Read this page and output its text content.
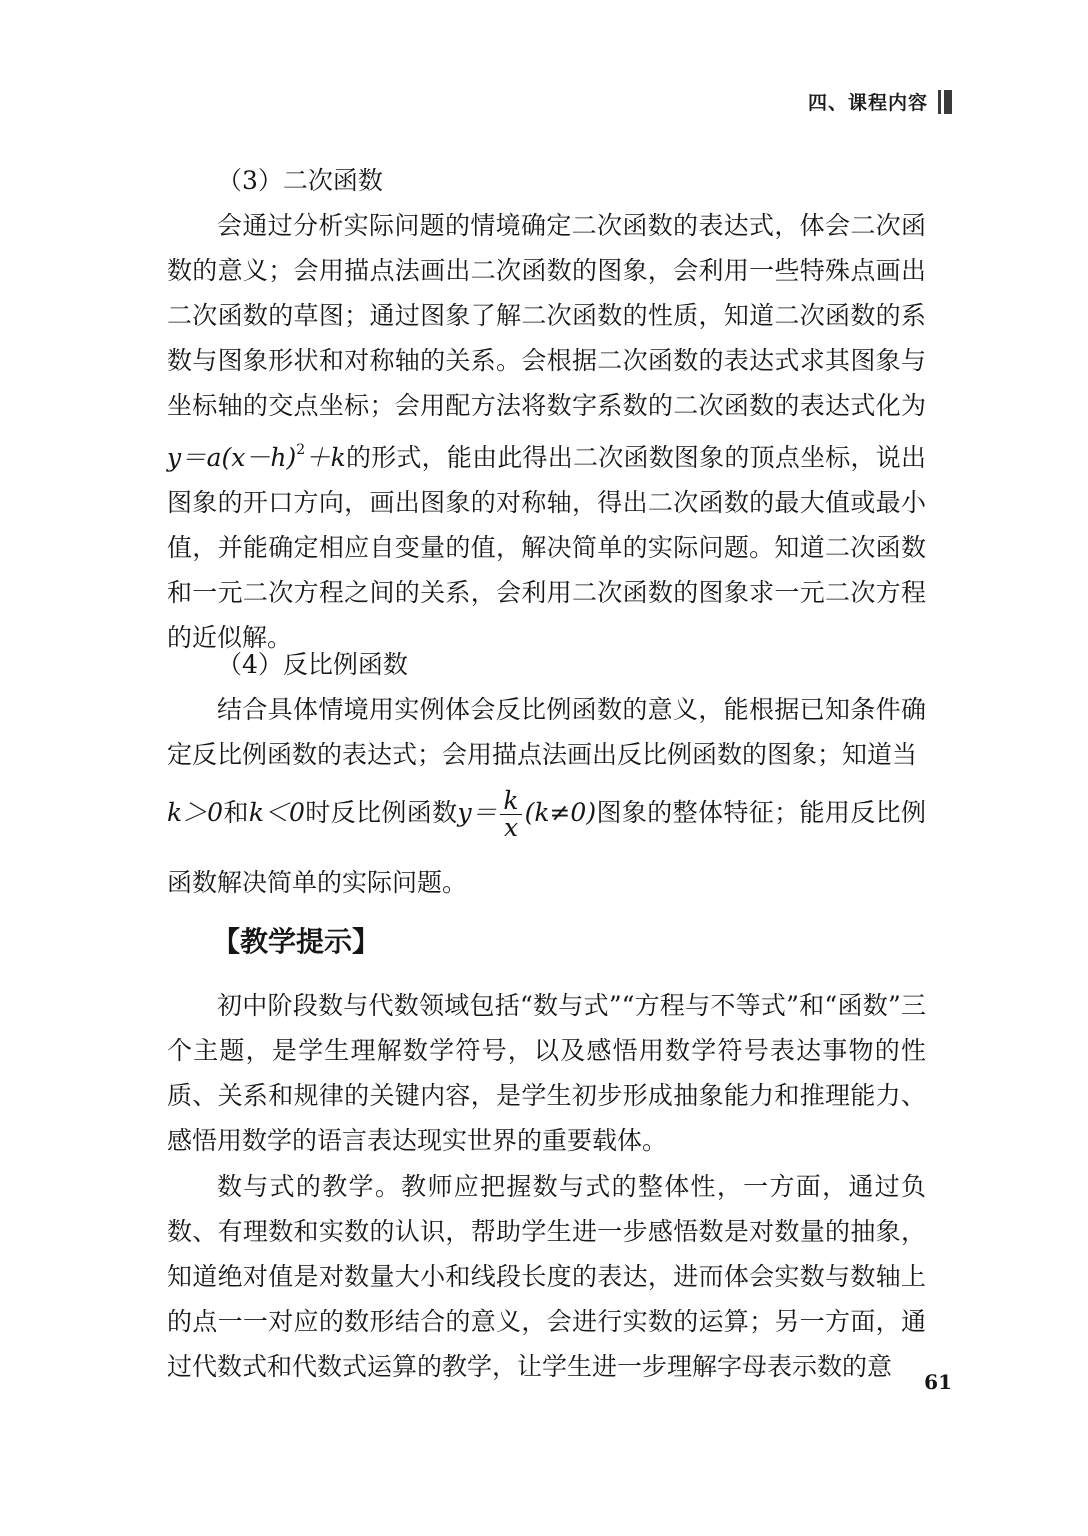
四、课程内容

（3）二次函数

会通过分析实际问题的情境确定二次函数的表达式，体会二次函数的意义；会用描点法画出二次函数的图象，会利用一些特殊点画出二次函数的草图；通过图象了解二次函数的性质，知道二次函数的系数与图象形状和对称轴的关系。会根据二次函数的表达式求其图象与坐标轴的交点坐标；会用配方法将数字系数的二次函数的表达式化为$y=a(x-h)^2+k$的形式，能由此得出二次函数图象的顶点坐标，说出图象的开口方向，画出图象的对称轴，得出二次函数的最大值或最小值，并能确定相应自变量的值，解决简单的实际问题。知道二次函数和一元二次方程之间的关系，会利用二次函数的图象求一元二次方程的近似解。

（4）反比例函数

结合具体情境用实例体会反比例函数的意义，能根据已知条件确定反比例函数的表达式；会用描点法画出反比例函数的图象；知道当

k＞0和k＜0时反比例函数$y= \frac{k}{x} (k\ne 0)$图象的整体特征；能用反比例函数解决简单的实际问题。

【教学提示】

初中阶段数与代数领域包括“数与式”“方程与不等式”和“函数”三个主题，是学生理解数学符号，以及感悟用数学符号表达事物的性质、关系和规律的关键内容，是学生初步形成抽象能力和推理能力、感悟用数学的语言表达现实世界的重要载体。

数与式的教学。教师应把握数与式的整体性，一方面，通过负数、有理数和实数的认识，帮助学生进一步感悟数是对数量的抽象，知道绝对值是对数量大小和线段长度的表达，进而体会实数与数轴上的点一一对应的数形结合的意义，会进行实数的运算；另一方面，通过代数式和代数式运算的教学，让学生进一步理解字母表示数的意

61
